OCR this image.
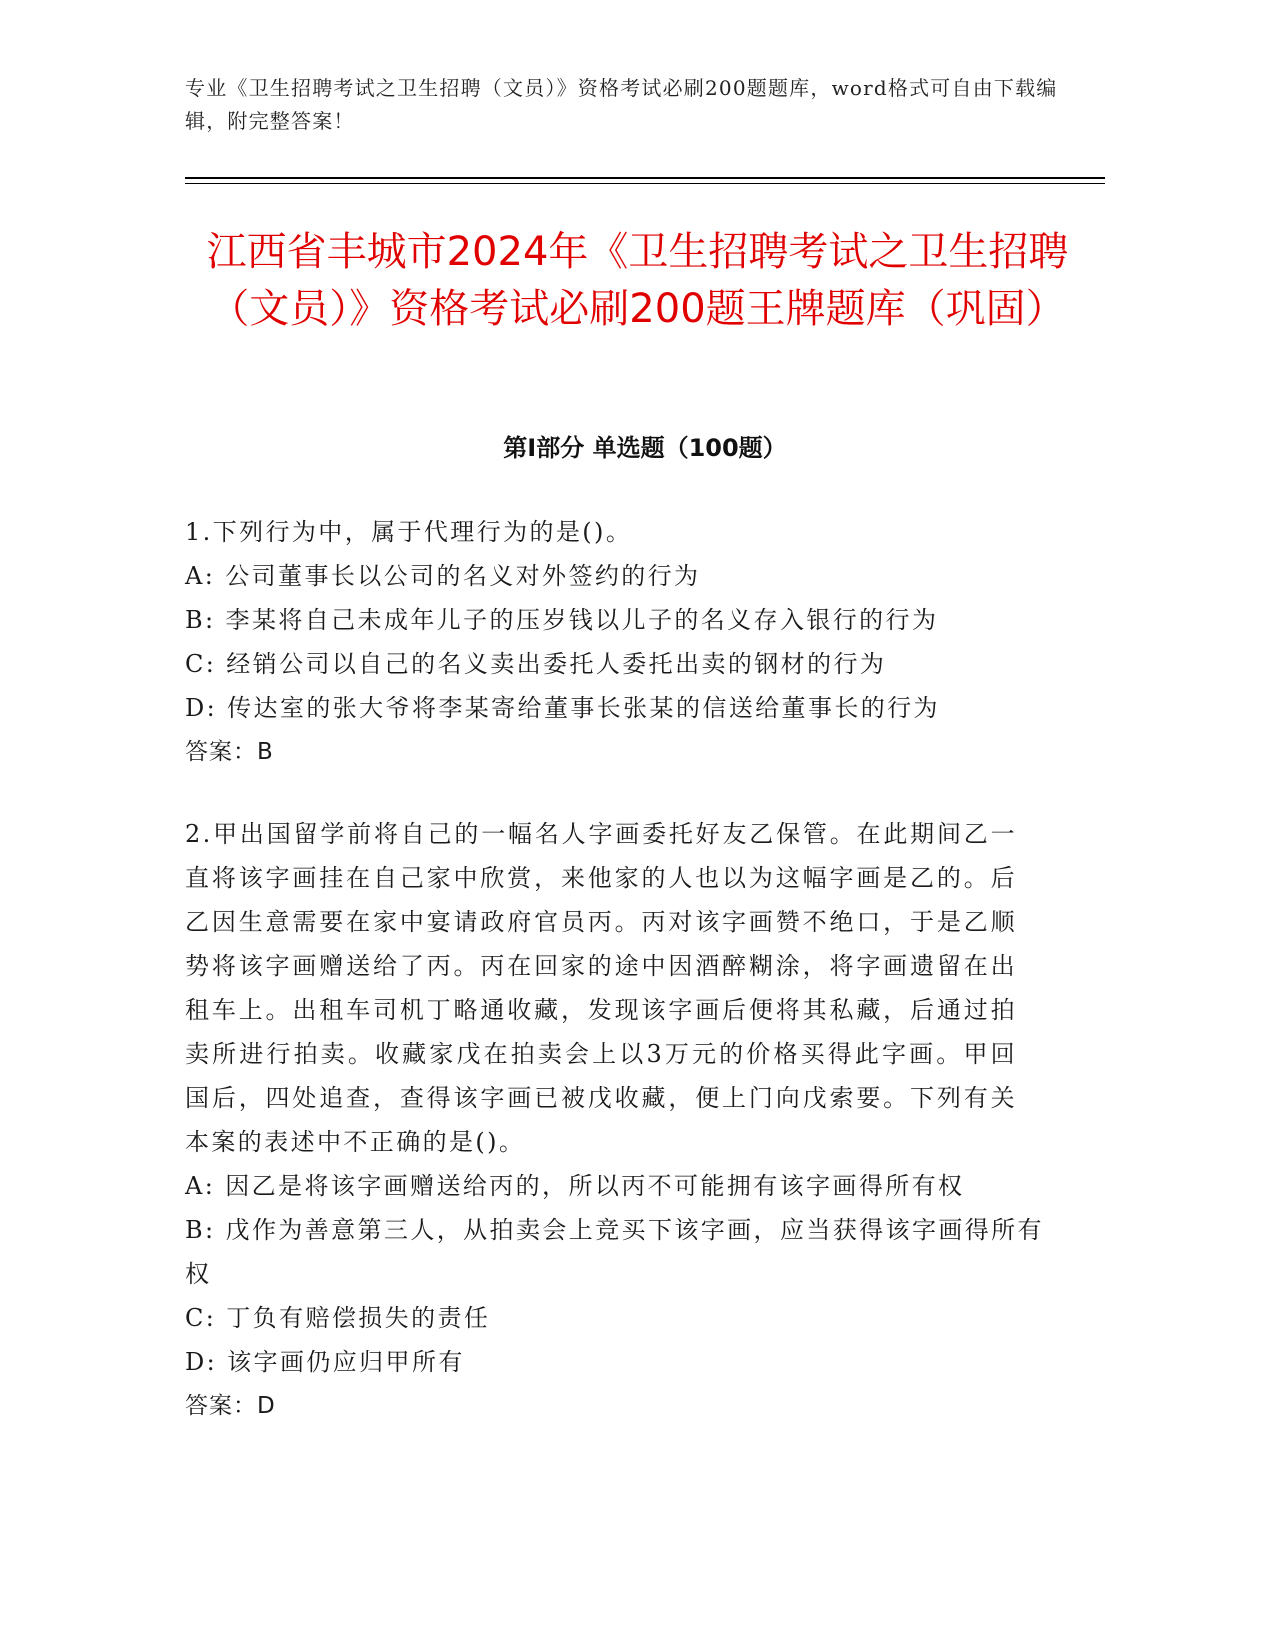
专业《卫生招聘考试之卫生招聘（文员）》资格考试必刷200题题库，word格式可自由下载编辑，附完整答案！
江西省丰城市2024年《卫生招聘考试之卫生招聘（文员）》资格考试必刷200题王牌题库（巩固）
第I部分 单选题（100题）

1.下列行为中，属于代理行为的是()。

A: 公司董事长以公司的名义对外签约的行为

B: 李某将自己未成年儿子的压岁钱以儿子的名义存入银行的行为

C: 经销公司以自己的名义卖出委托人委托出卖的钢材的行为

D: 传达室的张大爷将李某寄给董事长张某的信送给董事长的行为

答案：B

2.甲出国留学前将自己的一幅名人字画委托好友乙保管。在此期间乙一直将该字画挂在自己家中欣赏，来他家的人也以为这幅字画是乙的。后乙因生意需要在家中宴请政府官员丙。丙对该字画赞不绝口，于是乙顺势将该字画赠送给了丙。丙在回家的途中因酒醉糊涂，将字画遗留在出租车上。出租车司机丁略通收藏，发现该字画后便将其私藏，后通过拍卖所进行拍卖。收藏家戊在拍卖会上以3万元的价格买得此字画。甲回国后，四处追查，查得该字画已被戊收藏，便上门向戊索要。下列有关本案的表述中不正确的是()。

A: 因乙是将该字画赠送给丙的，所以丙不可能拥有该字画得所有权

B: 戊作为善意第三人，从拍卖会上竞买下该字画，应当获得该字画得所有权

C: 丁负有赔偿损失的责任

D: 该字画仍应归甲所有

答案：D
